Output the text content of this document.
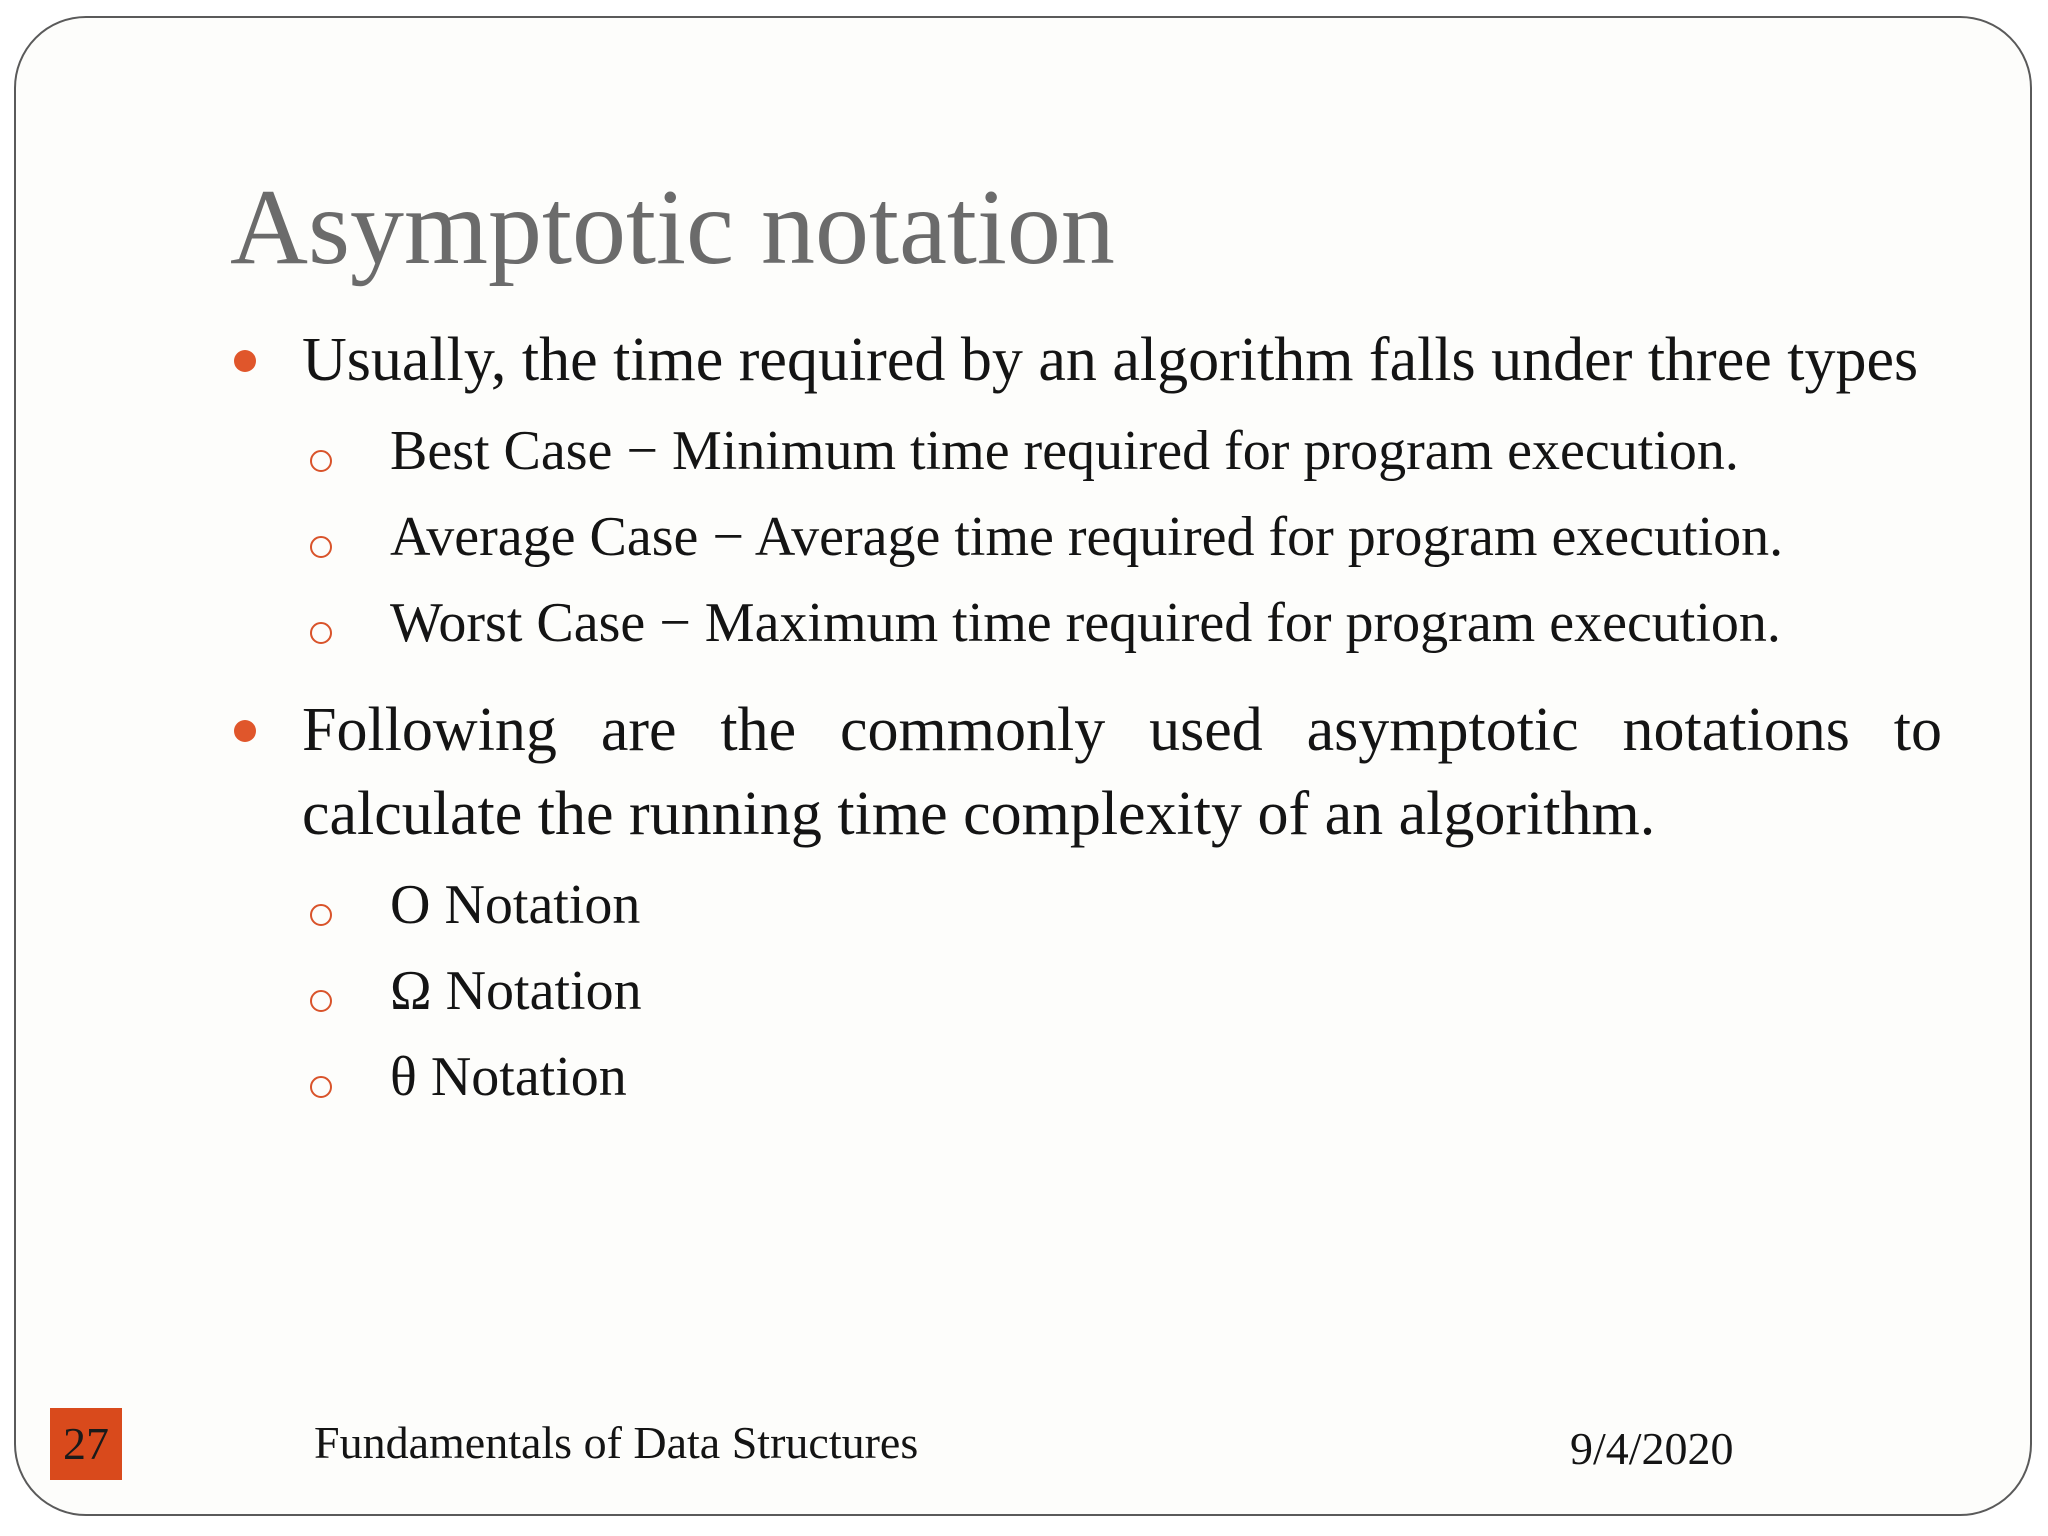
Asymptotic notation
Usually, the time required by an algorithm falls under three types
Best Case − Minimum time required for program execution.
Average Case − Average time required for program execution.
Worst Case − Maximum time required for program execution.
Following are the commonly used asymptotic notations to calculate the running time complexity of an algorithm.
O Notation
Ω Notation
θ Notation
27	Fundamentals of Data Structures	9/4/2020
